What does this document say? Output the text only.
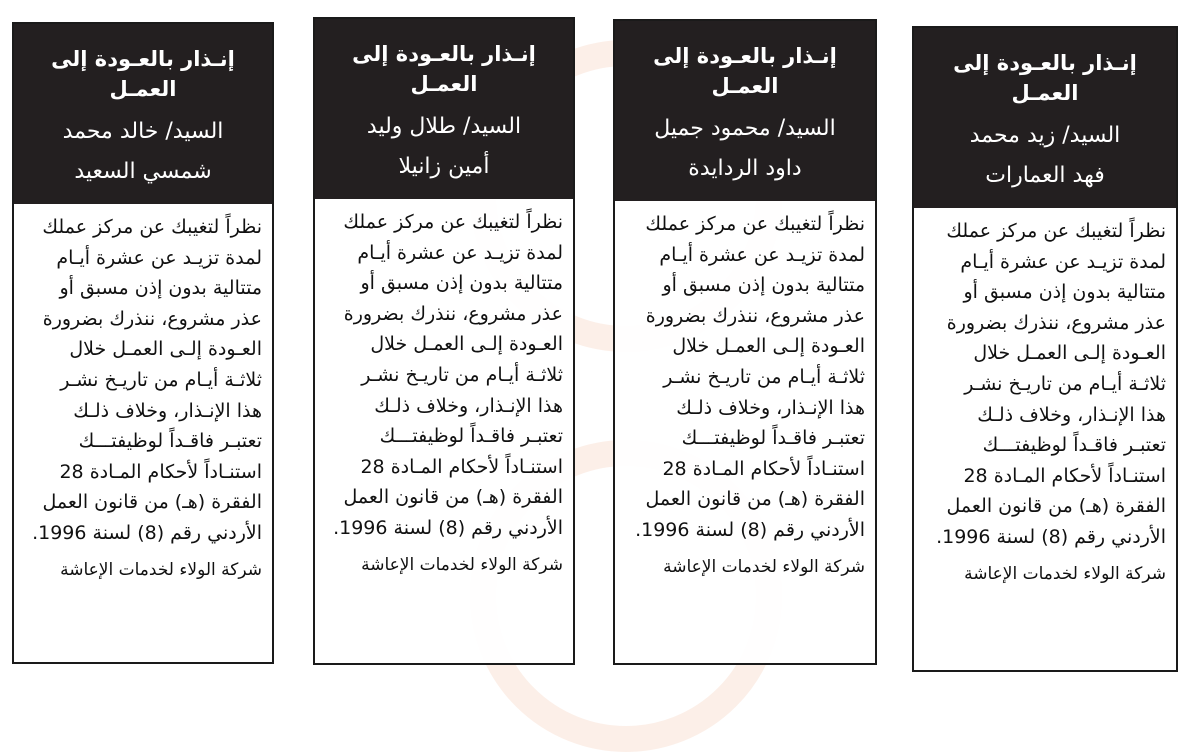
إنـذار بالعـودة إلى العمـل
السيد/ زيد محمد
فهد العمارات
نظراً لتغيبك عن مركز عملك
لمدة تزيـد عن عشرة أيـام
متتالية بدون إذن مسبق أو
عذر مشروع، ننذرك بضرورة
العـودة إلـى العمـل خلال
ثلاثـة أيـام من تاريـخ نشـر
هذا الإنـذار، وخلاف ذلـك
تعتبـر فاقـداً لوظيفتـــك
استنـاداً لأحكام المـادة 28
الفقرة (هـ) من قانون العمل
الأردني رقم (8) لسنة 1996.
شركة الولاء لخدمات الإعاشة
إنـذار بالعـودة إلى العمـل
السيد/ محمود جميل
داود الردايدة
نظراً لتغيبك عن مركز عملك
لمدة تزيـد عن عشرة أيـام
متتالية بدون إذن مسبق أو
عذر مشروع، ننذرك بضرورة
العـودة إلـى العمـل خلال
ثلاثـة أيـام من تاريـخ نشـر
هذا الإنـذار، وخلاف ذلـك
تعتبـر فاقـداً لوظيفتـــك
استنـاداً لأحكام المـادة 28
الفقرة (هـ) من قانون العمل
الأردني رقم (8) لسنة 1996.
شركة الولاء لخدمات الإعاشة
إنـذار بالعـودة إلى العمـل
السيد/ طلال وليد
أمين زانيلا
نظراً لتغيبك عن مركز عملك
لمدة تزيـد عن عشرة أيـام
متتالية بدون إذن مسبق أو
عذر مشروع، ننذرك بضرورة
العـودة إلـى العمـل خلال
ثلاثـة أيـام من تاريـخ نشـر
هذا الإنـذار، وخلاف ذلـك
تعتبـر فاقـداً لوظيفتـــك
استنـاداً لأحكام المـادة 28
الفقرة (هـ) من قانون العمل
الأردني رقم (8) لسنة 1996.
شركة الولاء لخدمات الإعاشة
إنـذار بالعـودة إلى العمـل
السيد/ خالد محمد
شمسي السعيد
نظراً لتغيبك عن مركز عملك
لمدة تزيـد عن عشرة أيـام
متتالية بدون إذن مسبق أو
عذر مشروع، ننذرك بضرورة
العـودة إلـى العمـل خلال
ثلاثـة أيـام من تاريـخ نشـر
هذا الإنـذار، وخلاف ذلـك
تعتبـر فاقـداً لوظيفتـــك
استنـاداً لأحكام المـادة 28
الفقرة (هـ) من قانون العمل
الأردني رقم (8) لسنة 1996.
شركة الولاء لخدمات الإعاشة
